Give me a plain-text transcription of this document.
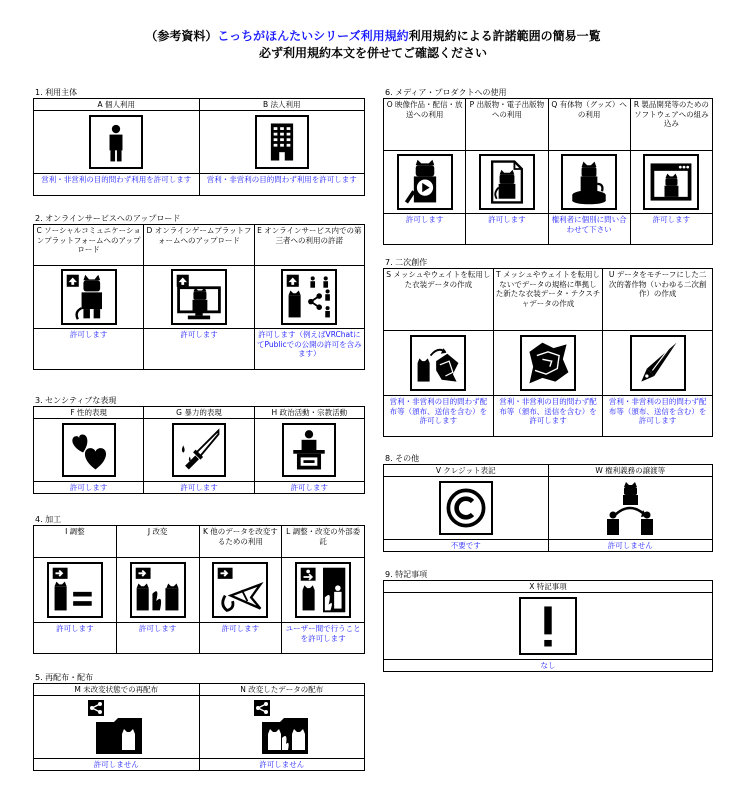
（参考資料）こっちがほんたいシリーズ利用規約利用規約による許諾範囲の簡易一覧
必ず利用規約本文を併せてご確認ください
1. 利用主体
A 個人利用
営利・非営利の目的問わず利用を許可します
B 法人利用
営利・非営利の目的問わず利用を許可します
2. オンラインサービスへのアップロード
C ソーシャルコミュニケーションプラットフォームへのアップロード
許可します
D オンラインゲームプラットフォームへのアップロード
許可します
E オンラインサービス内での第三者への利用の許諾
許可します（例えばVRChatにてPublicでの公開の許可を含みます）
3. センシティブな表現
F 性的表現
許可します
G 暴力的表現
許可します
H 政治活動・宗教活動
許可します
4. 加工
I 調整
許可します
J 改変
許可します
K 他のデータを改変するための利用
許可します
L 調整・改変の外部委託
ユーザー間で行うことを許可します
5. 再配布・配布
M 未改変状態での再配布
許可しません
N 改変したデータの配布
許可しません
6. メディア・プロダクトへの使用
O 映像作品・配信・放送への利用
許可します
P 出版物・電子出版物への利用
許可します
Q 有体物（グッズ）への利用
権利者に個別に問い合わせて下さい
R 製品開発等のためのソフトウェアへの組み込み
許可します
7. 二次創作
S メッシュやウェイトを転用した衣装データの作成
営利・非営利の目的問わず配布等（頒布、送信を含む）を許可します
T メッシュやウェイトを転用しないでデータの規格に準拠した新たな衣装データ・テクスチャデータの作成
営利・非営利の目的問わず配布等（頒布、送信を含む）を許可します
U データをモチーフにした二次的著作物（いわゆる二次創作）の作成
営利・非営利の目的問わず配布等（頒布、送信を含む）を許可します
8. その他
V クレジット表記
不要です
W 権利義務の譲渡等
許可しません
9. 特記事項
X 特記事項
なし
